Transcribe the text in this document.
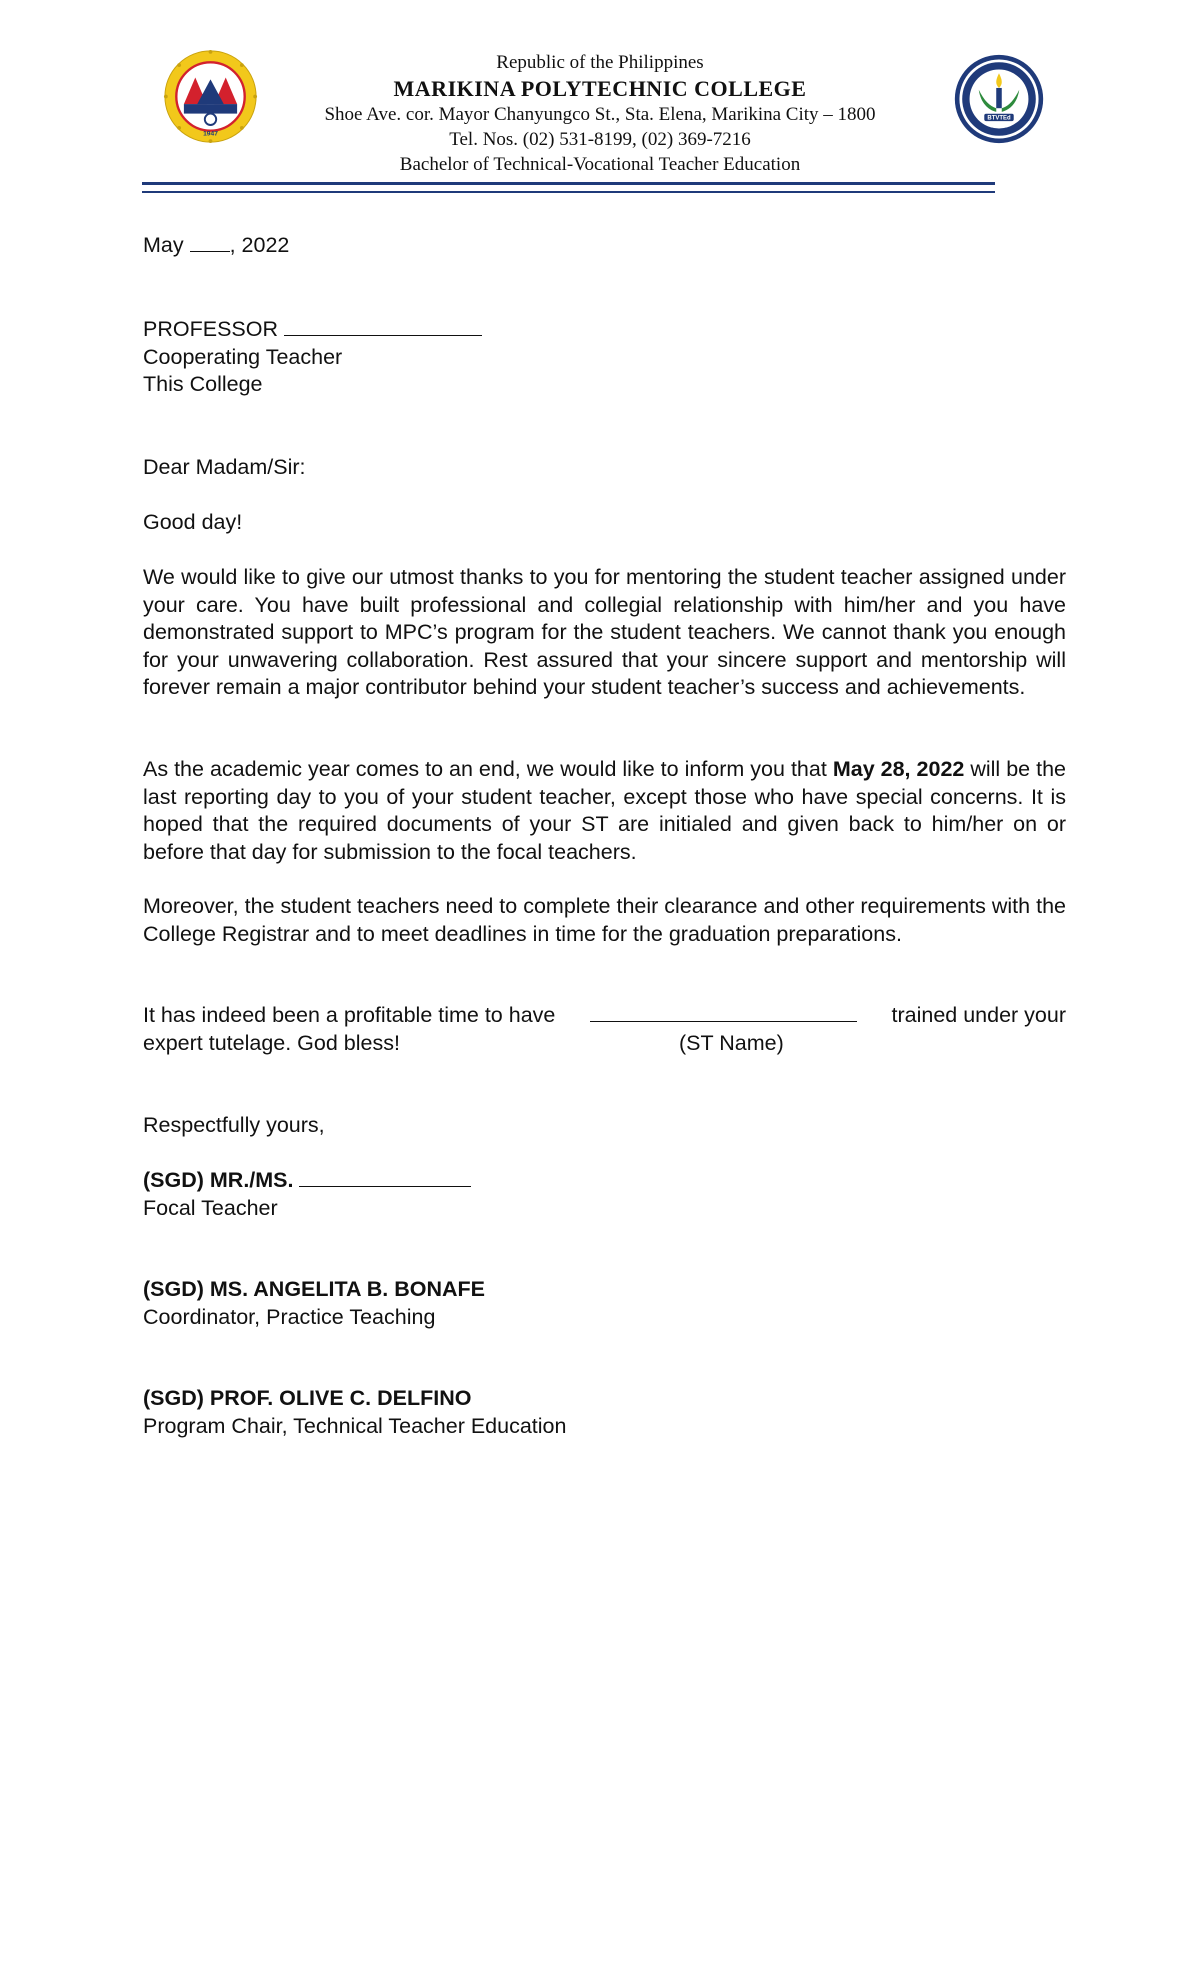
1947
Republic of the Philippines
MARIKINA POLYTECHNIC COLLEGE
Shoe Ave. cor. Mayor Chanyungco St., Sta. Elena, Marikina City – 1800
Tel. Nos. (02) 531-8199, (02) 369-7216
Bachelor of Technical-Vocational Teacher Education
BTVTEd
May , 2022
PROFESSOR
Cooperating Teacher
This College
Dear Madam/Sir:
Good day!
We would like to give our utmost thanks to you for mentoring the student teacher assigned under your care. You have built professional and collegial relationship with him/her and you have demonstrated support to MPC’s program for the student teachers. We cannot thank you enough for your unwavering collaboration. Rest assured that your sincere support and mentorship will forever remain a major contributor behind your student teacher’s success and achievements.
As the academic year comes to an end, we would like to inform you that May 28, 2022 will be the last reporting day to you of your student teacher, except those who have special concerns. It is hoped that the required documents of your ST are initialed and given back to him/her on or before that day for submission to the focal teachers.
Moreover, the student teachers need to complete their clearance and other requirements with the College Registrar and to meet deadlines in time for the graduation preparations.
It has indeed been a profitable time to have	trained under your
expert tutelage. God bless!	(ST Name)
Respectfully yours,
(SGD) MR./MS.
Focal Teacher
(SGD) MS. ANGELITA B. BONAFE
Coordinator, Practice Teaching
(SGD) PROF. OLIVE C. DELFINO
Program Chair, Technical Teacher Education
